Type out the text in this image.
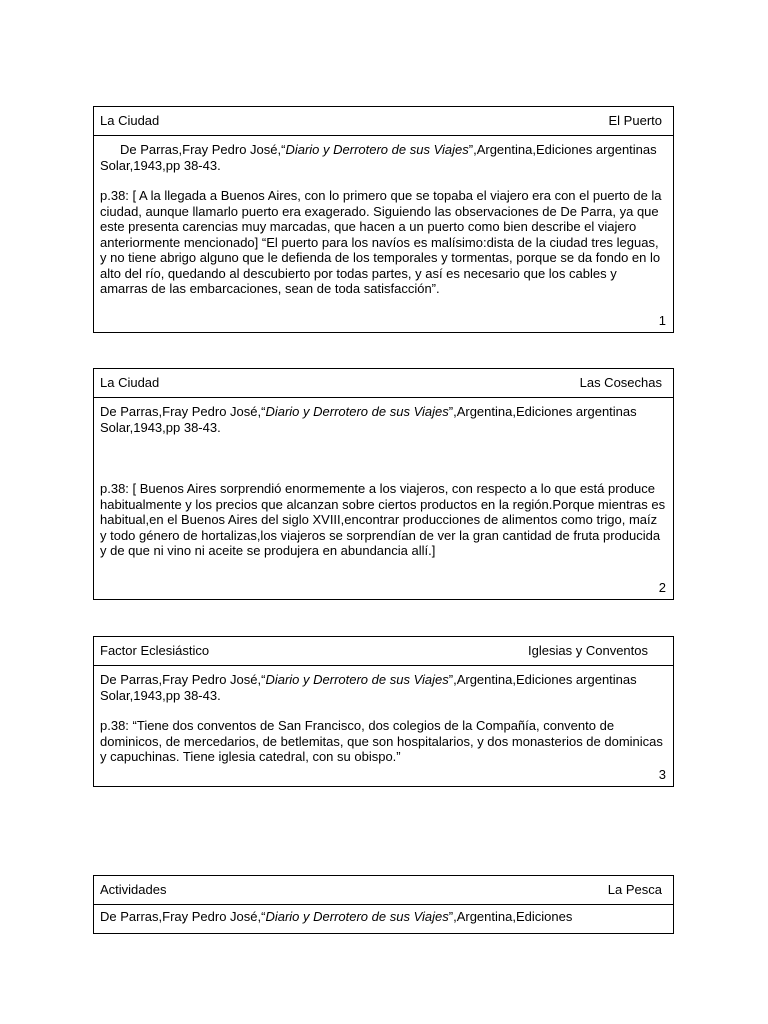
La Ciudad	El Puerto

De Parras,Fray Pedro José,“Diario y Derrotero de sus Viajes”,Argentina,Ediciones argentinas Solar,1943,pp 38-43.

p.38: [ A la llegada a Buenos Aires, con lo primero que se topaba el viajero era con el puerto de la ciudad, aunque llamarlo puerto era exagerado. Siguiendo las observaciones de De Parra, ya que este presenta carencias muy marcadas, que hacen a un puerto como bien describe el viajero anteriormente mencionado] “El puerto para los navíos es malísimo:dista de la ciudad tres leguas, y no tiene abrigo alguno que le defienda de los temporales y tormentas, porque se da fondo en lo alto del río, quedando al descubierto por todas partes, y así es necesario que los cables y amarras de las embarcaciones, sean de toda satisfacción”.

1
La Ciudad	Las Cosechas

De Parras,Fray Pedro José,“Diario y Derrotero de sus Viajes”,Argentina,Ediciones argentinas Solar,1943,pp 38-43.

p.38: [ Buenos Aires sorprendió enormemente a los viajeros, con respecto a lo que está produce habitualmente y los precios que alcanzan sobre ciertos productos en la región.Porque mientras es habitual,en el Buenos Aires del siglo XVIII,encontrar producciones de alimentos como trigo, maíz y todo género de hortalizas,los viajeros se sorprendían de ver la gran cantidad de fruta producida y de que ni vino ni aceite se produjera en abundancia allí.]

2
Factor Eclesiástico	Iglesias y Conventos

De Parras,Fray Pedro José,“Diario y Derrotero de sus Viajes”,Argentina,Ediciones argentinas Solar,1943,pp 38-43.

p.38: “Tiene dos conventos de San Francisco, dos colegios de la Compañía, convento de dominicos, de mercedarios, de betlemitas, que son hospitalarios, y dos monasterios de dominicas y capuchinas. Tiene iglesia catedral, con su obispo.”

3
Actividades	La Pesca

De Parras,Fray Pedro José,“Diario y Derrotero de sus Viajes”,Argentina,Ediciones
